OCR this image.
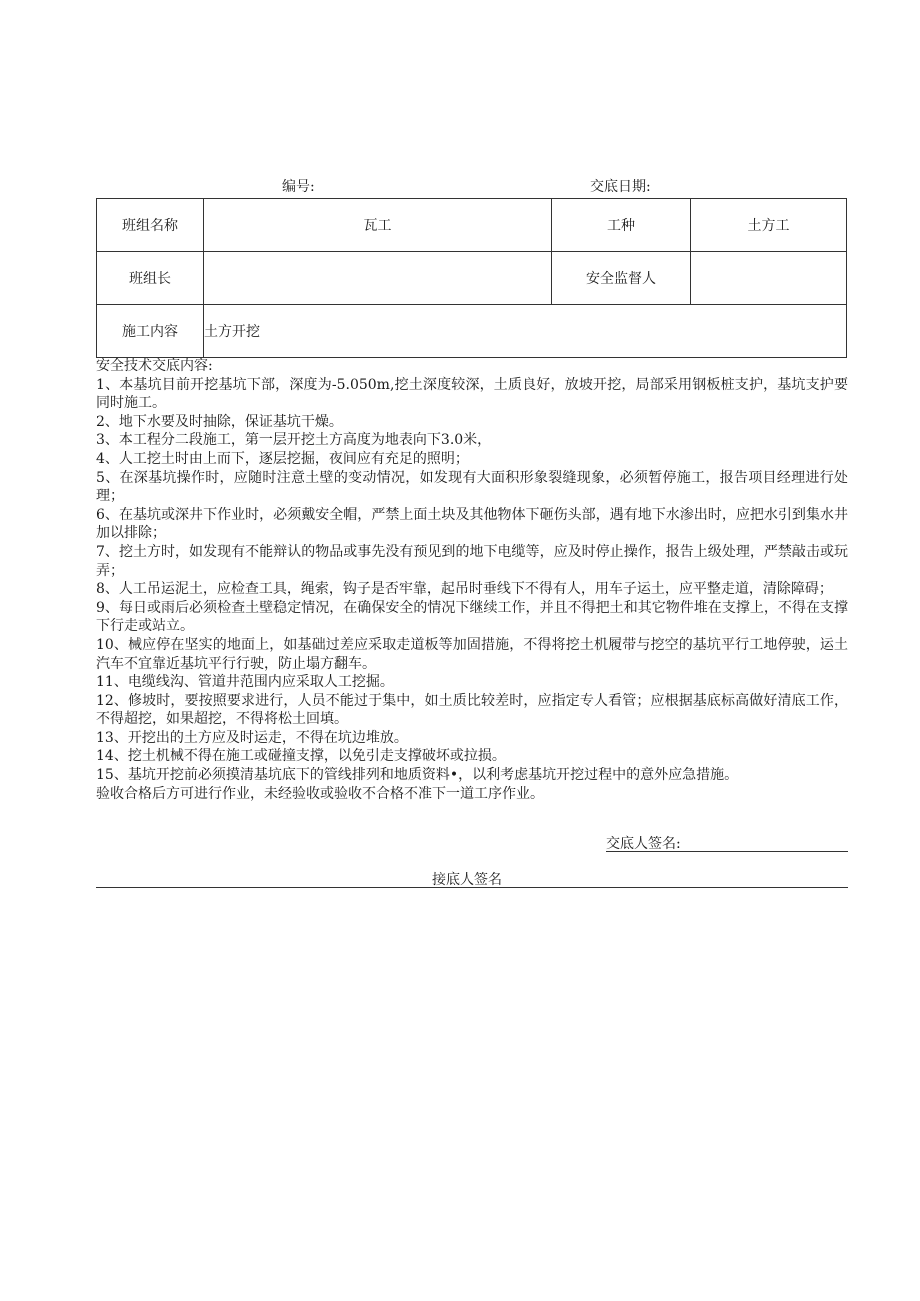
编号:	交底日期:
班组名称	瓦工	工种	土方工
班组长		安全监督人	
施工内容	土方开挖		
安全技术交底内容:
1、本基坑目前开挖基坑下部，深度为-5.050m,挖土深度较深，土质良好，放坡开挖，局部采用钢板桩支护，基坑支护要同时施工。
2、地下水要及时抽除，保证基坑干燥。
3、本工程分二段施工，第一层开挖土方高度为地表向下3.0米，
4、人工挖土时由上而下，逐层挖掘，夜间应有充足的照明；
5、在深基坑操作时，应随时注意土壁的变动情况，如发现有大面积形象裂缝现象，必须暂停施工，报告项目经理进行处理；
6、在基坑或深井下作业时，必须戴安全帽，严禁上面土块及其他物体下砸伤头部，遇有地下水渗出时，应把水引到集水井加以排除；
7、挖土方时，如发现有不能辩认的物品或事先没有预见到的地下电缆等，应及时停止操作，报告上级处理，严禁敲击或玩弄；
8、人工吊运泥土，应检查工具，绳索，钩子是否牢靠，起吊时垂线下不得有人，用车子运土，应平整走道，清除障碍；
9、每日或雨后必须检查土壁稳定情况，在确保安全的情况下继续工作，并且不得把土和其它物件堆在支撑上，不得在支撑下行走或站立。
10、械应停在坚实的地面上，如基础过差应采取走道板等加固措施，不得将挖土机履带与挖空的基坑平行工地停驶，运土汽车不宜靠近基坑平行行驶，防止塌方翻车。
11、电缆线沟、管道井范围内应采取人工挖掘。
12、修坡时，要按照要求进行，人员不能过于集中，如土质比较差时，应指定专人看管；应根据基底标高做好清底工作，不得超挖，如果超挖，不得将松土回填。
13、开挖出的土方应及时运走，不得在坑边堆放。
14、挖土机械不得在施工或碰撞支撑，以免引走支撑破坏或拉损。
15、基坑开挖前必须摸清基坑底下的管线排列和地质资料•，以利考虑基坑开挖过程中的意外应急措施。
验收合格后方可进行作业，未经验收或验收不合格不准下一道工序作业。
交底人签名:
接底人签名
